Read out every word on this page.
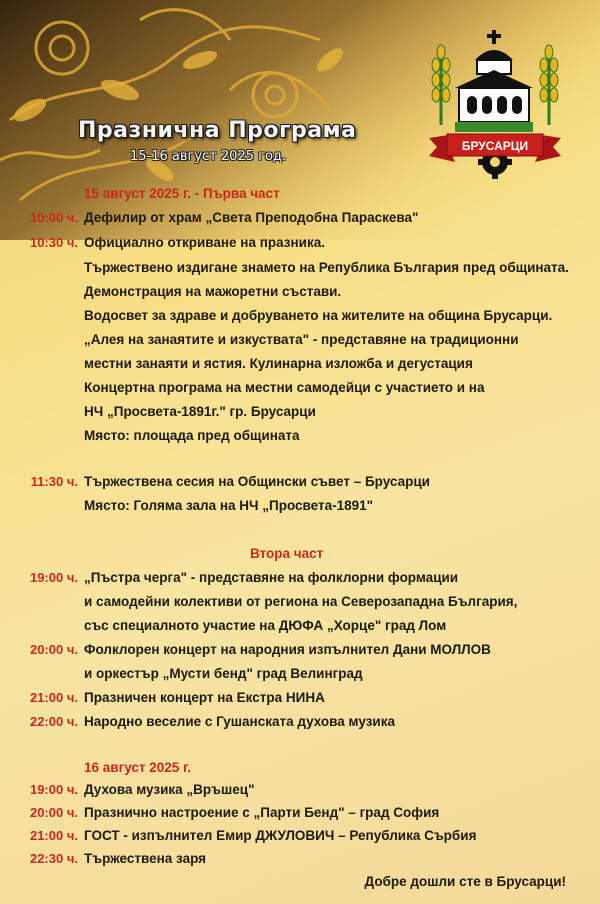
БРУСАРЦИ
Празнична Програма
15-16 август 2025 год.
15 август 2025 г. - Първа част
10:00 ч. Дефилир от храм „Света Преподобна Параскева"
10:30 ч. Официално откриване на празника.
Тържествено издигане знамето на Република България пред общината.
Демонстрация на мажоретни състави.
Водосвет за здраве и добруването на жителите на община Брусарци.
„Алея на занаятите и изкуствата" - представяне на традиционни
местни занаяти и ястия. Кулинарна изложба и дегустация
Концертна програма на местни самодейци с участието и на
НЧ „Просвета-1891г." гр. Брусарци
Място: площада пред общината
11:30 ч. Тържествена сесия на Общински съвет – Брусарци
Място: Голяма зала на НЧ „Просвета-1891"
Втора част
19:00 ч. „Пъстра черга" - представяне на фолклорни формации
и самодейни колективи от региона на Северозападна България,
със специалното участие на ДЮФА „Хорце" град Лом
20:00 ч. Фолклорен концерт на народния изпълнител Дани МОЛЛОВ
и оркестър „Мусти бенд" град Велинград
21:00 ч. Празничен концерт на Екстра НИНА
22:00 ч. Народно веселие с Гушанската духова музика
16 август 2025 г.
19:00 ч. Духова музика „Връшец"
20:00 ч. Празнично настроение с „Парти Бенд" – град София
21:00 ч. ГОСТ - изпълнител Емир ДЖУЛОВИЧ – Република Сърбия
22:30 ч. Тържествена заря
Добре дошли сте в Брусарци!
